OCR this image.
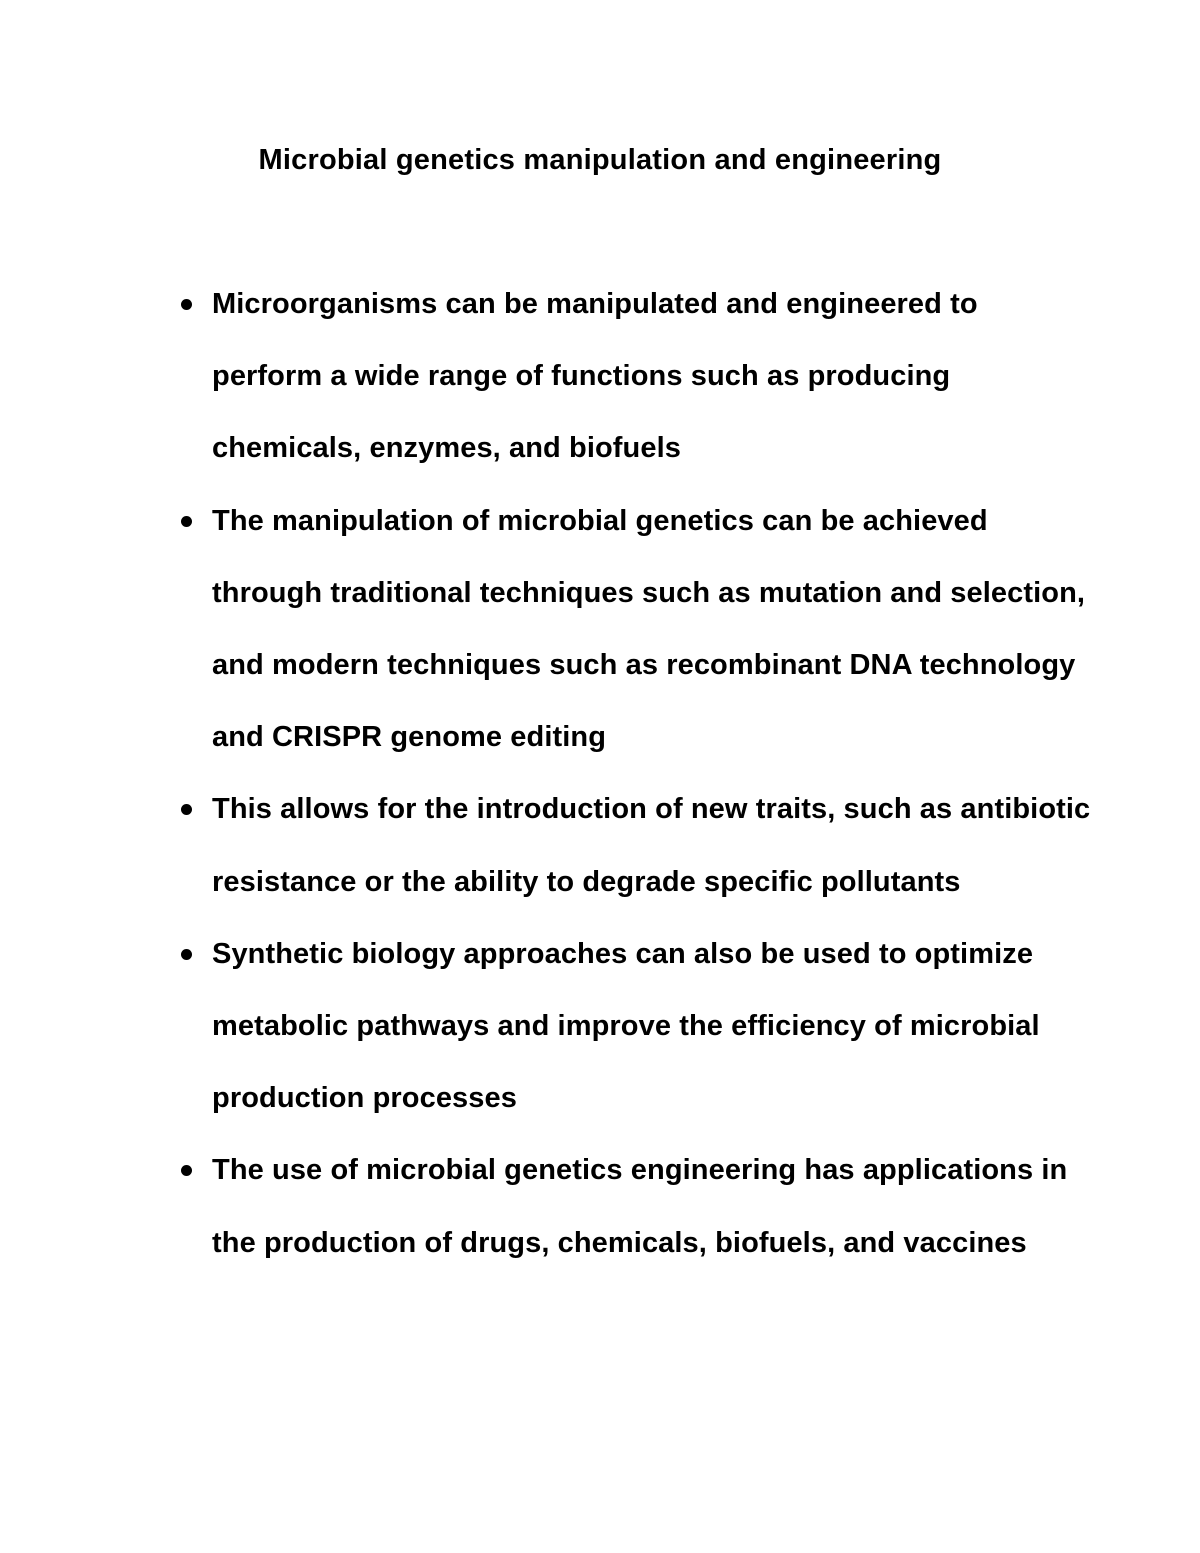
Microbial genetics manipulation and engineering
Microorganisms can be manipulated and engineered to perform a wide range of functions such as producing chemicals, enzymes, and biofuels
The manipulation of microbial genetics can be achieved through traditional techniques such as mutation and selection, and modern techniques such as recombinant DNA technology and CRISPR genome editing
This allows for the introduction of new traits, such as antibiotic resistance or the ability to degrade specific pollutants
Synthetic biology approaches can also be used to optimize metabolic pathways and improve the efficiency of microbial production processes
The use of microbial genetics engineering has applications in the production of drugs, chemicals, biofuels, and vaccines
